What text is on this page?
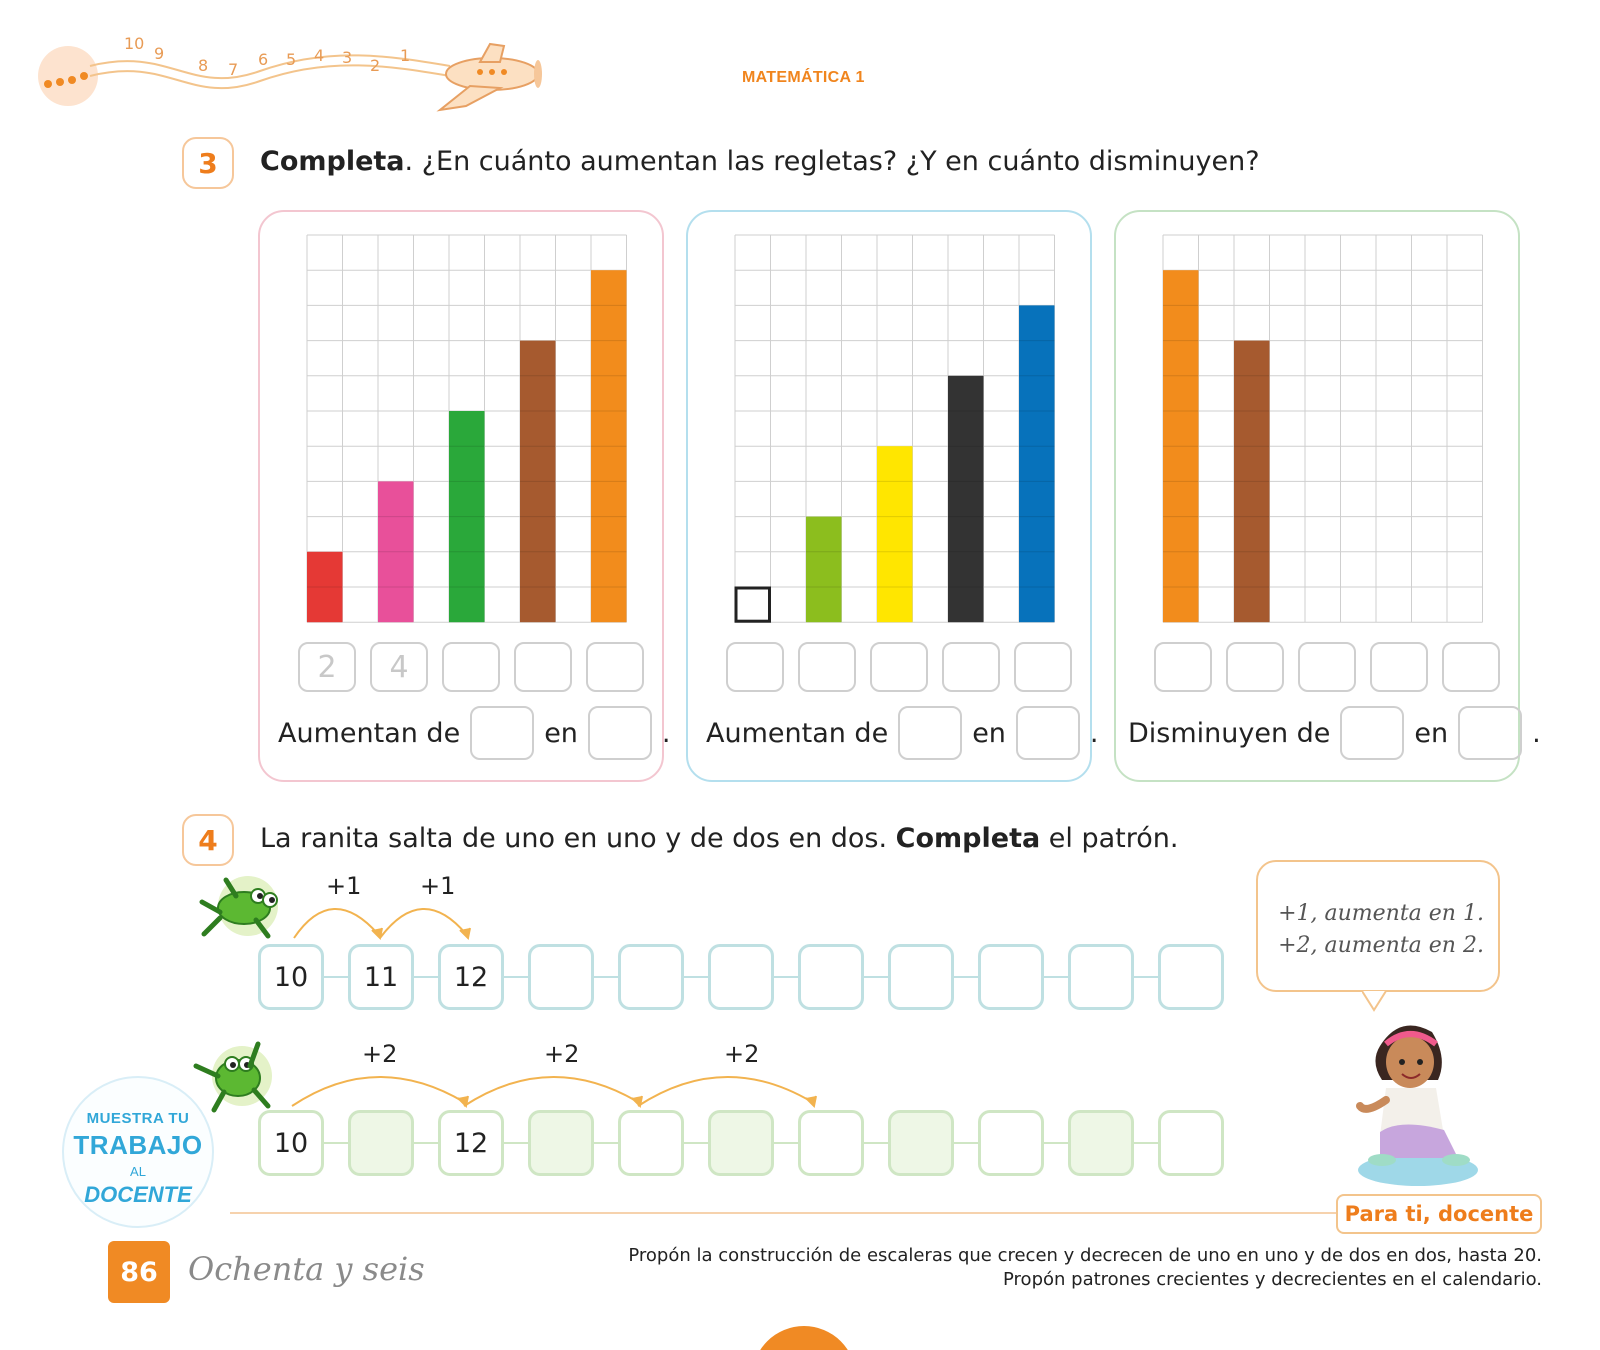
10
9
8 7
6 5 4 3 2
1
MATEMÁTICA 1
3	Completa. ¿En cuánto aumentan las regletas? ¿Y en cuánto disminuyen?
2	4
Aumentan de	en	. Aumentan de	en	. Disminuyen de	en	.
4	La ranita salta de uno en uno y de dos en dos. Completa el patrón.
+1 +1
10	11	12
+2	+2	+2
10	12
+1, aumenta en 1.
+2, aumenta en 2.
MUESTRA TU
TRABAJO
AL
DOCENTE
Para ti, docente
Propón la construcción de escaleras que crecen y decrecen de uno en uno y de dos en dos, hasta 20.
Propón patrones crecientes y decrecientes en el calendario.
86 Ochenta y seis
